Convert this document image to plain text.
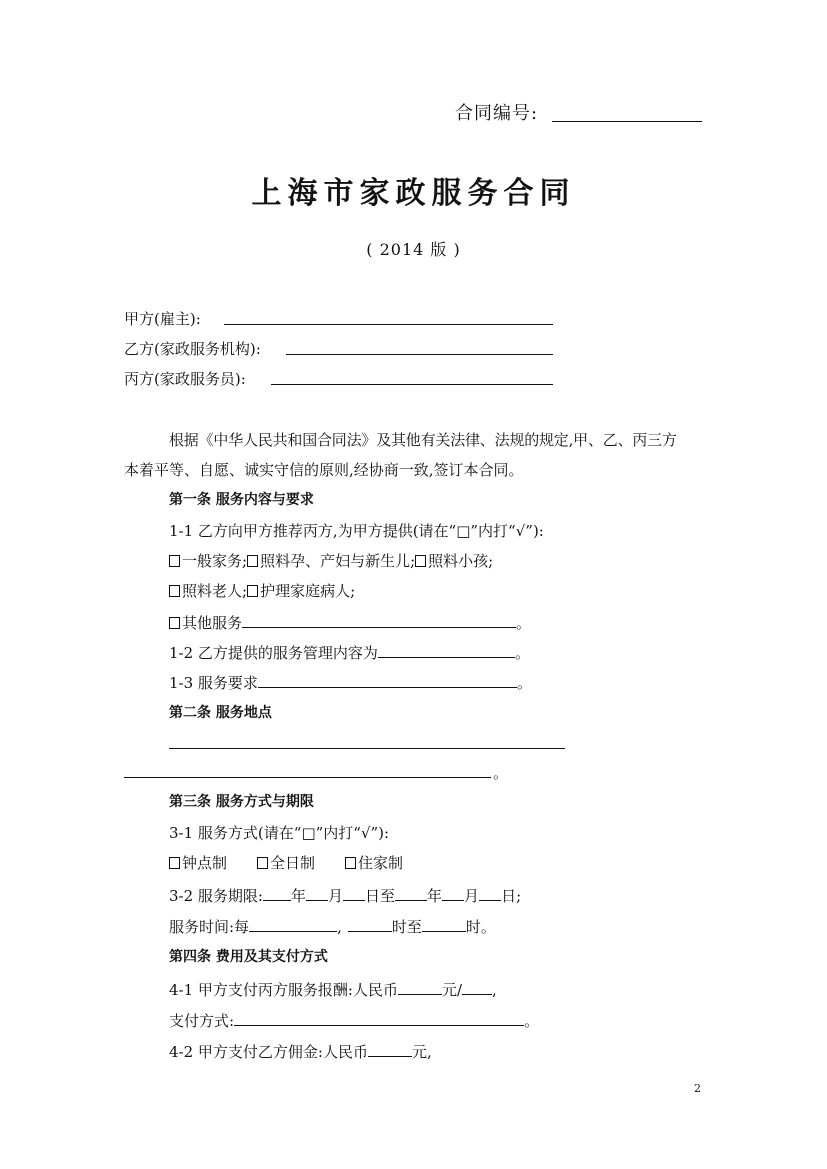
合同编号:
上海市家政服务合同
( 2014 版 )
甲方(雇主):
乙方(家政服务机构):
丙方(家政服务员):
根据《中华人民共和国合同法》及其他有关法律、法规的规定,甲、乙、丙三方
本着平等、自愿、诚实守信的原则,经协商一致,签订本合同。
第一条 服务内容与要求
1-1 乙方向甲方推荐丙方,为甲方提供(请在“□”内打“√”):
一般家务; 照料孕、产妇与新生儿; 照料小孩;
照料老人; 护理家庭病人;
其他服务	。
1-2 乙方提供的服务管理内容为	。
1-3 服务要求	。
第二条 服务地点
。
第三条 服务方式与期限
3-1 服务方式(请在“□”内打“√”):
钟点制	全日制	住家制
3-2 服务期限: 年 月 日至 年 月 日;
服务时间:每	,	时至	时。
第四条 费用及其支付方式
4-1 甲方支付丙方服务报酬:人民币	元/ ,
支付方式:	。
4-2 甲方支付乙方佣金:人民币	元,
2
